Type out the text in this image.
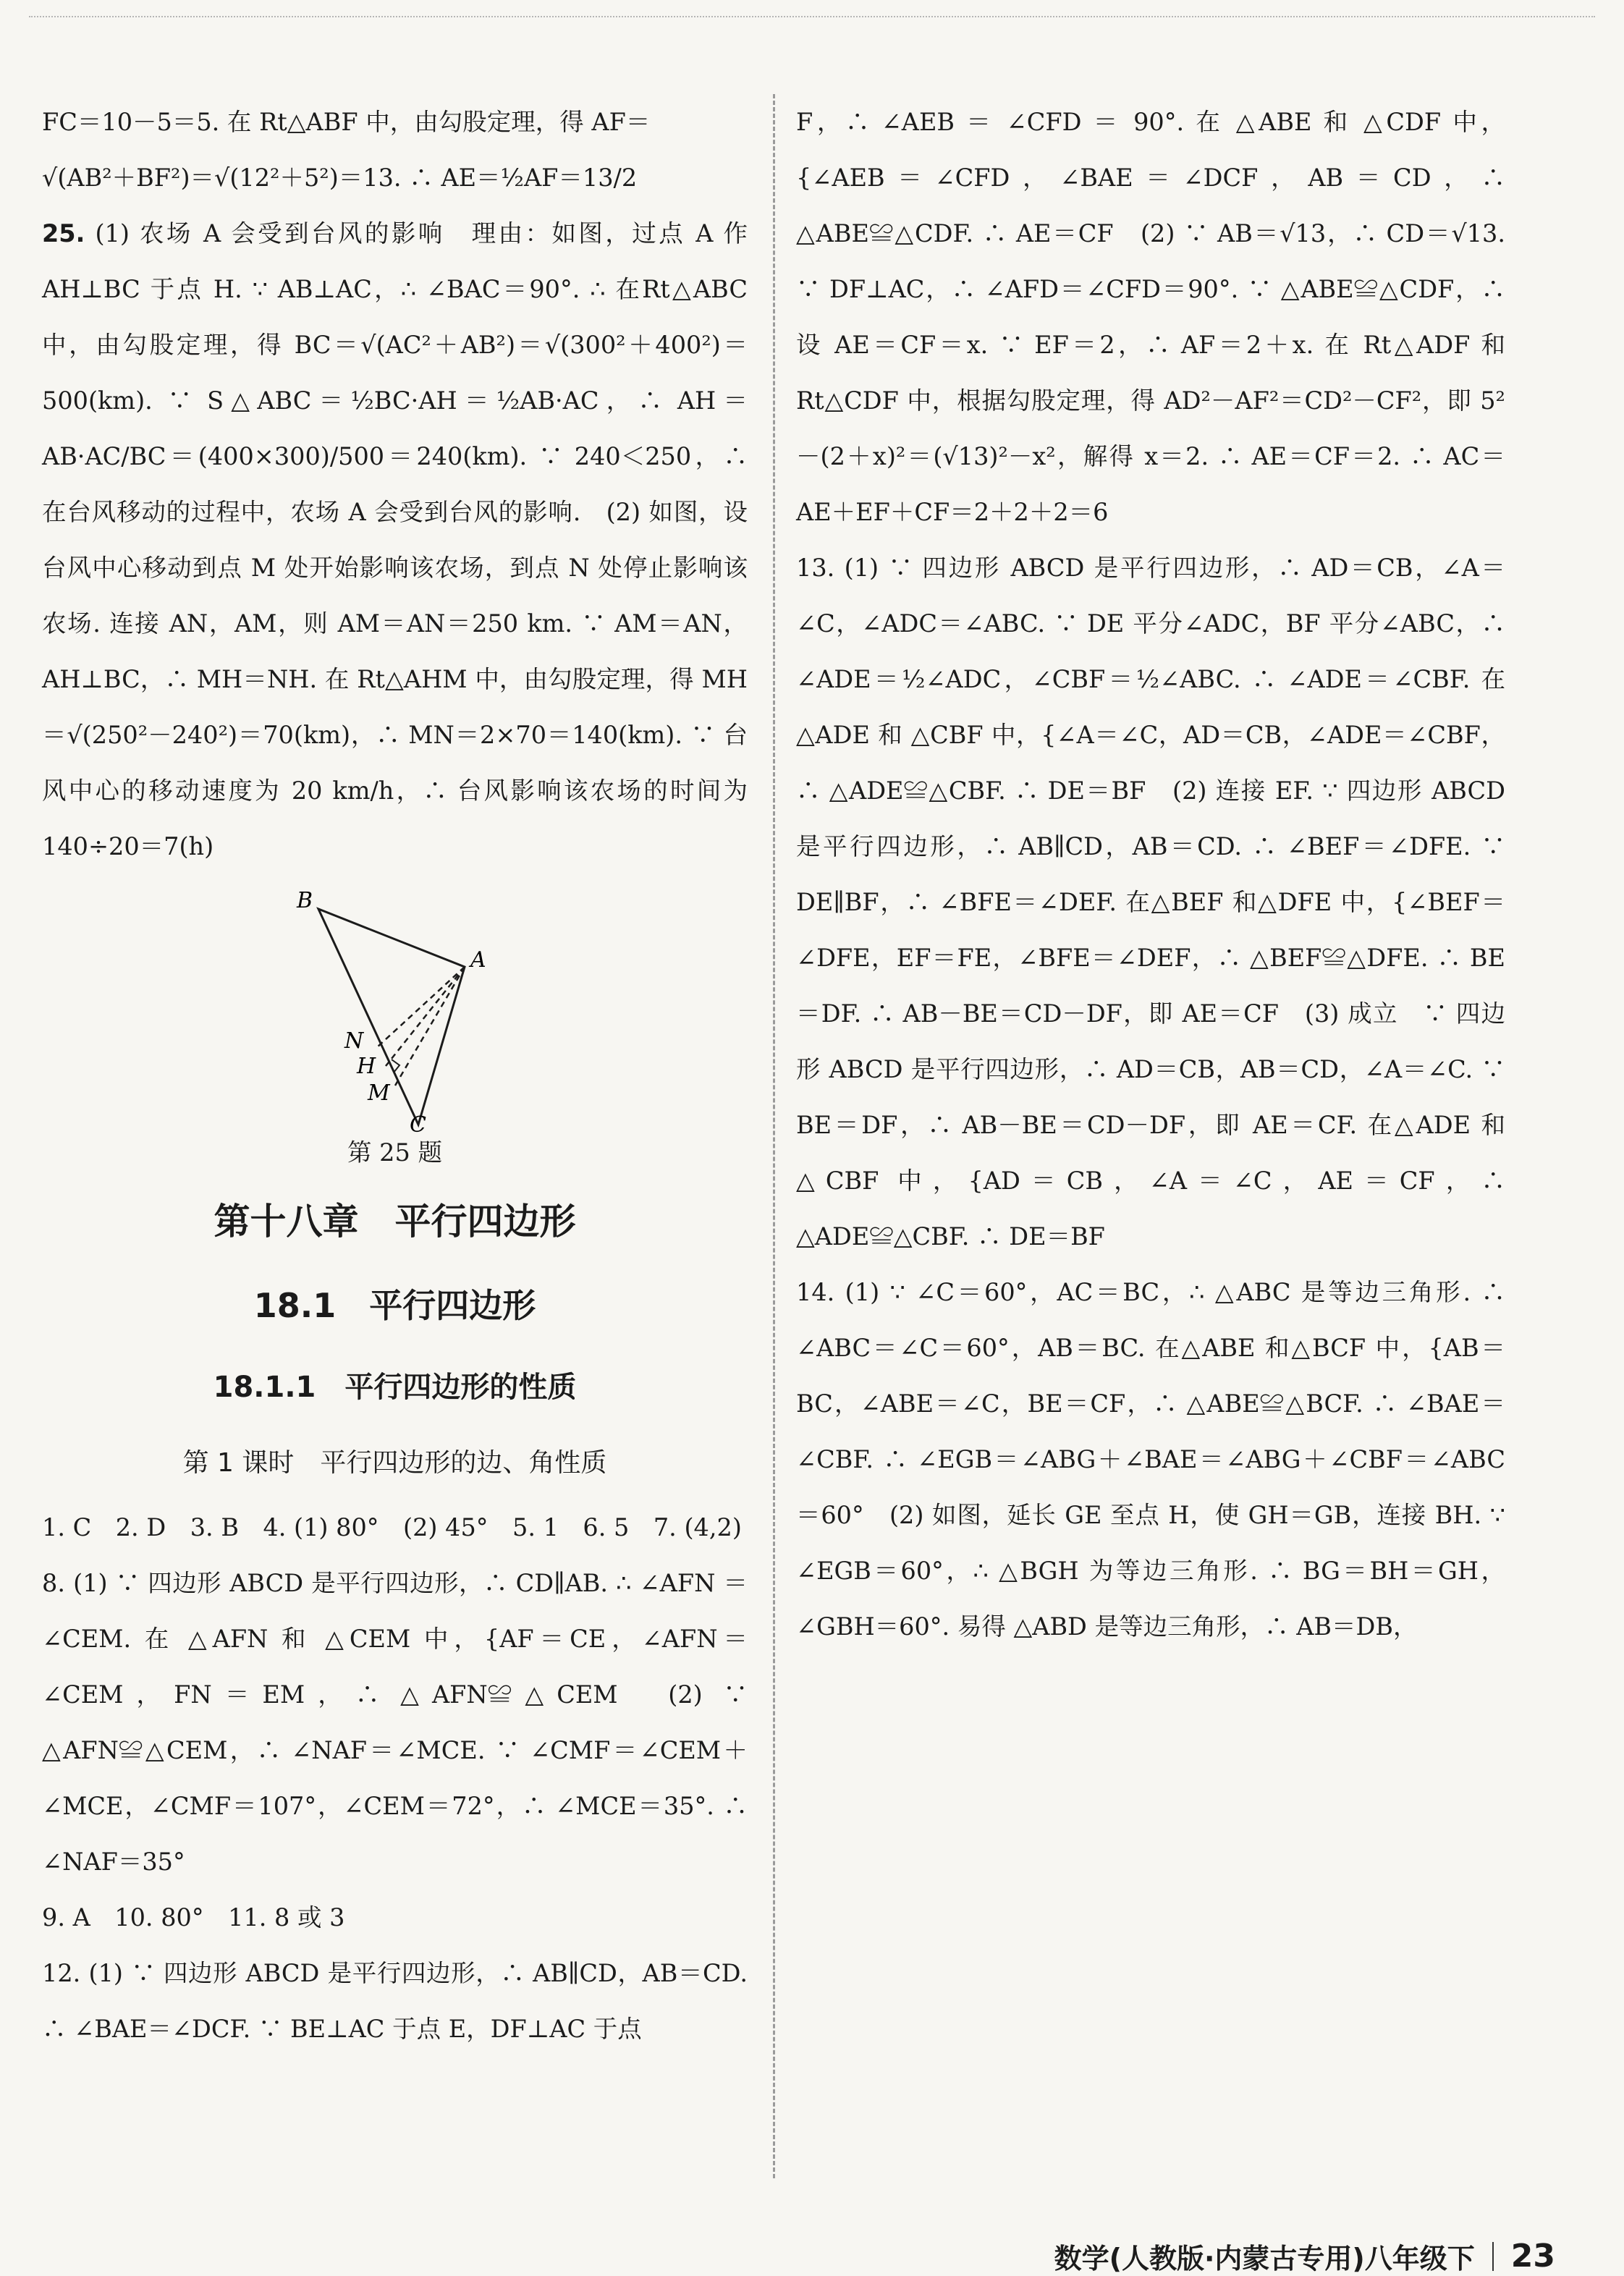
FC＝10－5＝5. 在 Rt△ABF 中，由勾股定理，得 AF＝

√(AB²＋BF²)＝√(12²＋5²)＝13. ∴ AE＝½AF＝13/2

25. (1) 农场 A 会受到台风的影响　理由：如图，过点 A 作 AH⊥BC 于点 H. ∵ AB⊥AC，∴ ∠BAC＝90°. ∴ 在Rt△ABC 中，由勾股定理，得 BC＝√(AC²＋AB²)＝√(300²＋400²)＝500(km). ∵ S△ABC＝½BC·AH＝½AB·AC，∴ AH＝AB·AC/BC＝(400×300)/500＝240(km). ∵ 240＜250，∴ 在台风移动的过程中，农场 A 会受到台风的影响.　(2) 如图，设台风中心移动到点 M 处开始影响该农场，到点 N 处停止影响该农场. 连接 AN，AM，则 AM＝AN＝250 km. ∵ AM＝AN，AH⊥BC，∴ MH＝NH. 在 Rt△AHM 中，由勾股定理，得 MH＝√(250²－240²)＝70(km)，∴ MN＝2×70＝140(km). ∵ 台风中心的移动速度为 20 km/h，∴ 台风影响该农场的时间为 140÷20＝7(h)

B
A
N
H
M
C

第 25 题

第十八章　平行四边形
18.1　平行四边形
18.1.1　平行四边形的性质
第 1 课时　平行四边形的边、角性质

1. C　2. D　3. B　4. (1) 80°　(2) 45°　5. 1　6. 5　7. (4,2)

8. (1) ∵ 四边形 ABCD 是平行四边形，∴ CD∥AB. ∴ ∠AFN ＝ ∠CEM. 在 △AFN 和 △CEM 中，{AF＝CE，∠AFN＝∠CEM，FN＝EM，∴ △AFN≌△CEM　(2) ∵ △AFN≌△CEM，∴ ∠NAF＝∠MCE. ∵ ∠CMF＝∠CEM＋∠MCE，∠CMF＝107°，∠CEM＝72°，∴ ∠MCE＝35°. ∴ ∠NAF＝35°

9. A　10. 80°　11. 8 或 3

12. (1) ∵ 四边形 ABCD 是平行四边形，∴ AB∥CD，AB＝CD. ∴ ∠BAE＝∠DCF. ∵ BE⊥AC 于点 E，DF⊥AC 于点

F，∴ ∠AEB ＝ ∠CFD ＝ 90°. 在 △ABE 和 △CDF 中，{∠AEB＝∠CFD，∠BAE＝∠DCF，AB＝CD，∴ △ABE≌△CDF. ∴ AE＝CF　(2) ∵ AB＝√13，∴ CD＝√13. ∵ DF⊥AC，∴ ∠AFD＝∠CFD＝90°. ∵ △ABE≌△CDF，∴ 设 AE＝CF＝x. ∵ EF＝2，∴ AF＝2＋x. 在 Rt△ADF 和 Rt△CDF 中，根据勾股定理，得 AD²－AF²＝CD²－CF²，即 5²－(2＋x)²＝(√13)²－x²，解得 x＝2. ∴ AE＝CF＝2. ∴ AC＝AE＋EF＋CF＝2＋2＋2＝6

13. (1) ∵ 四边形 ABCD 是平行四边形，∴ AD＝CB，∠A＝∠C，∠ADC＝∠ABC. ∵ DE 平分∠ADC，BF 平分∠ABC，∴ ∠ADE＝½∠ADC，∠CBF＝½∠ABC. ∴ ∠ADE＝∠CBF. 在 △ADE 和 △CBF 中，{∠A＝∠C，AD＝CB，∠ADE＝∠CBF，∴ △ADE≌△CBF. ∴ DE＝BF　(2) 连接 EF. ∵ 四边形 ABCD 是平行四边形，∴ AB∥CD，AB＝CD. ∴ ∠BEF＝∠DFE. ∵ DE∥BF，∴ ∠BFE＝∠DEF. 在△BEF 和△DFE 中，{∠BEF＝∠DFE，EF＝FE，∠BFE＝∠DEF，∴ △BEF≌△DFE. ∴ BE＝DF. ∴ AB－BE＝CD－DF，即 AE＝CF　(3) 成立　∵ 四边形 ABCD 是平行四边形，∴ AD＝CB，AB＝CD，∠A＝∠C. ∵ BE＝DF，∴ AB－BE＝CD－DF，即 AE＝CF. 在△ADE 和△CBF 中，{AD＝CB，∠A＝∠C，AE＝CF，∴ △ADE≌△CBF. ∴ DE＝BF

14. (1) ∵ ∠C＝60°，AC＝BC，∴ △ABC 是等边三角形. ∴ ∠ABC＝∠C＝60°，AB＝BC. 在△ABE 和△BCF 中，{AB＝BC，∠ABE＝∠C，BE＝CF，∴ △ABE≌△BCF. ∴ ∠BAE＝∠CBF. ∴ ∠EGB＝∠ABG＋∠BAE＝∠ABG＋∠CBF＝∠ABC＝60°　(2) 如图，延长 GE 至点 H，使 GH＝GB，连接 BH. ∵ ∠EGB＝60°，∴ △BGH 为等边三角形. ∴ BG＝BH＝GH，∠GBH＝60°. 易得 △ABD 是等边三角形，∴ AB＝DB，

数学(人教版·内蒙古专用)八年级下 23
